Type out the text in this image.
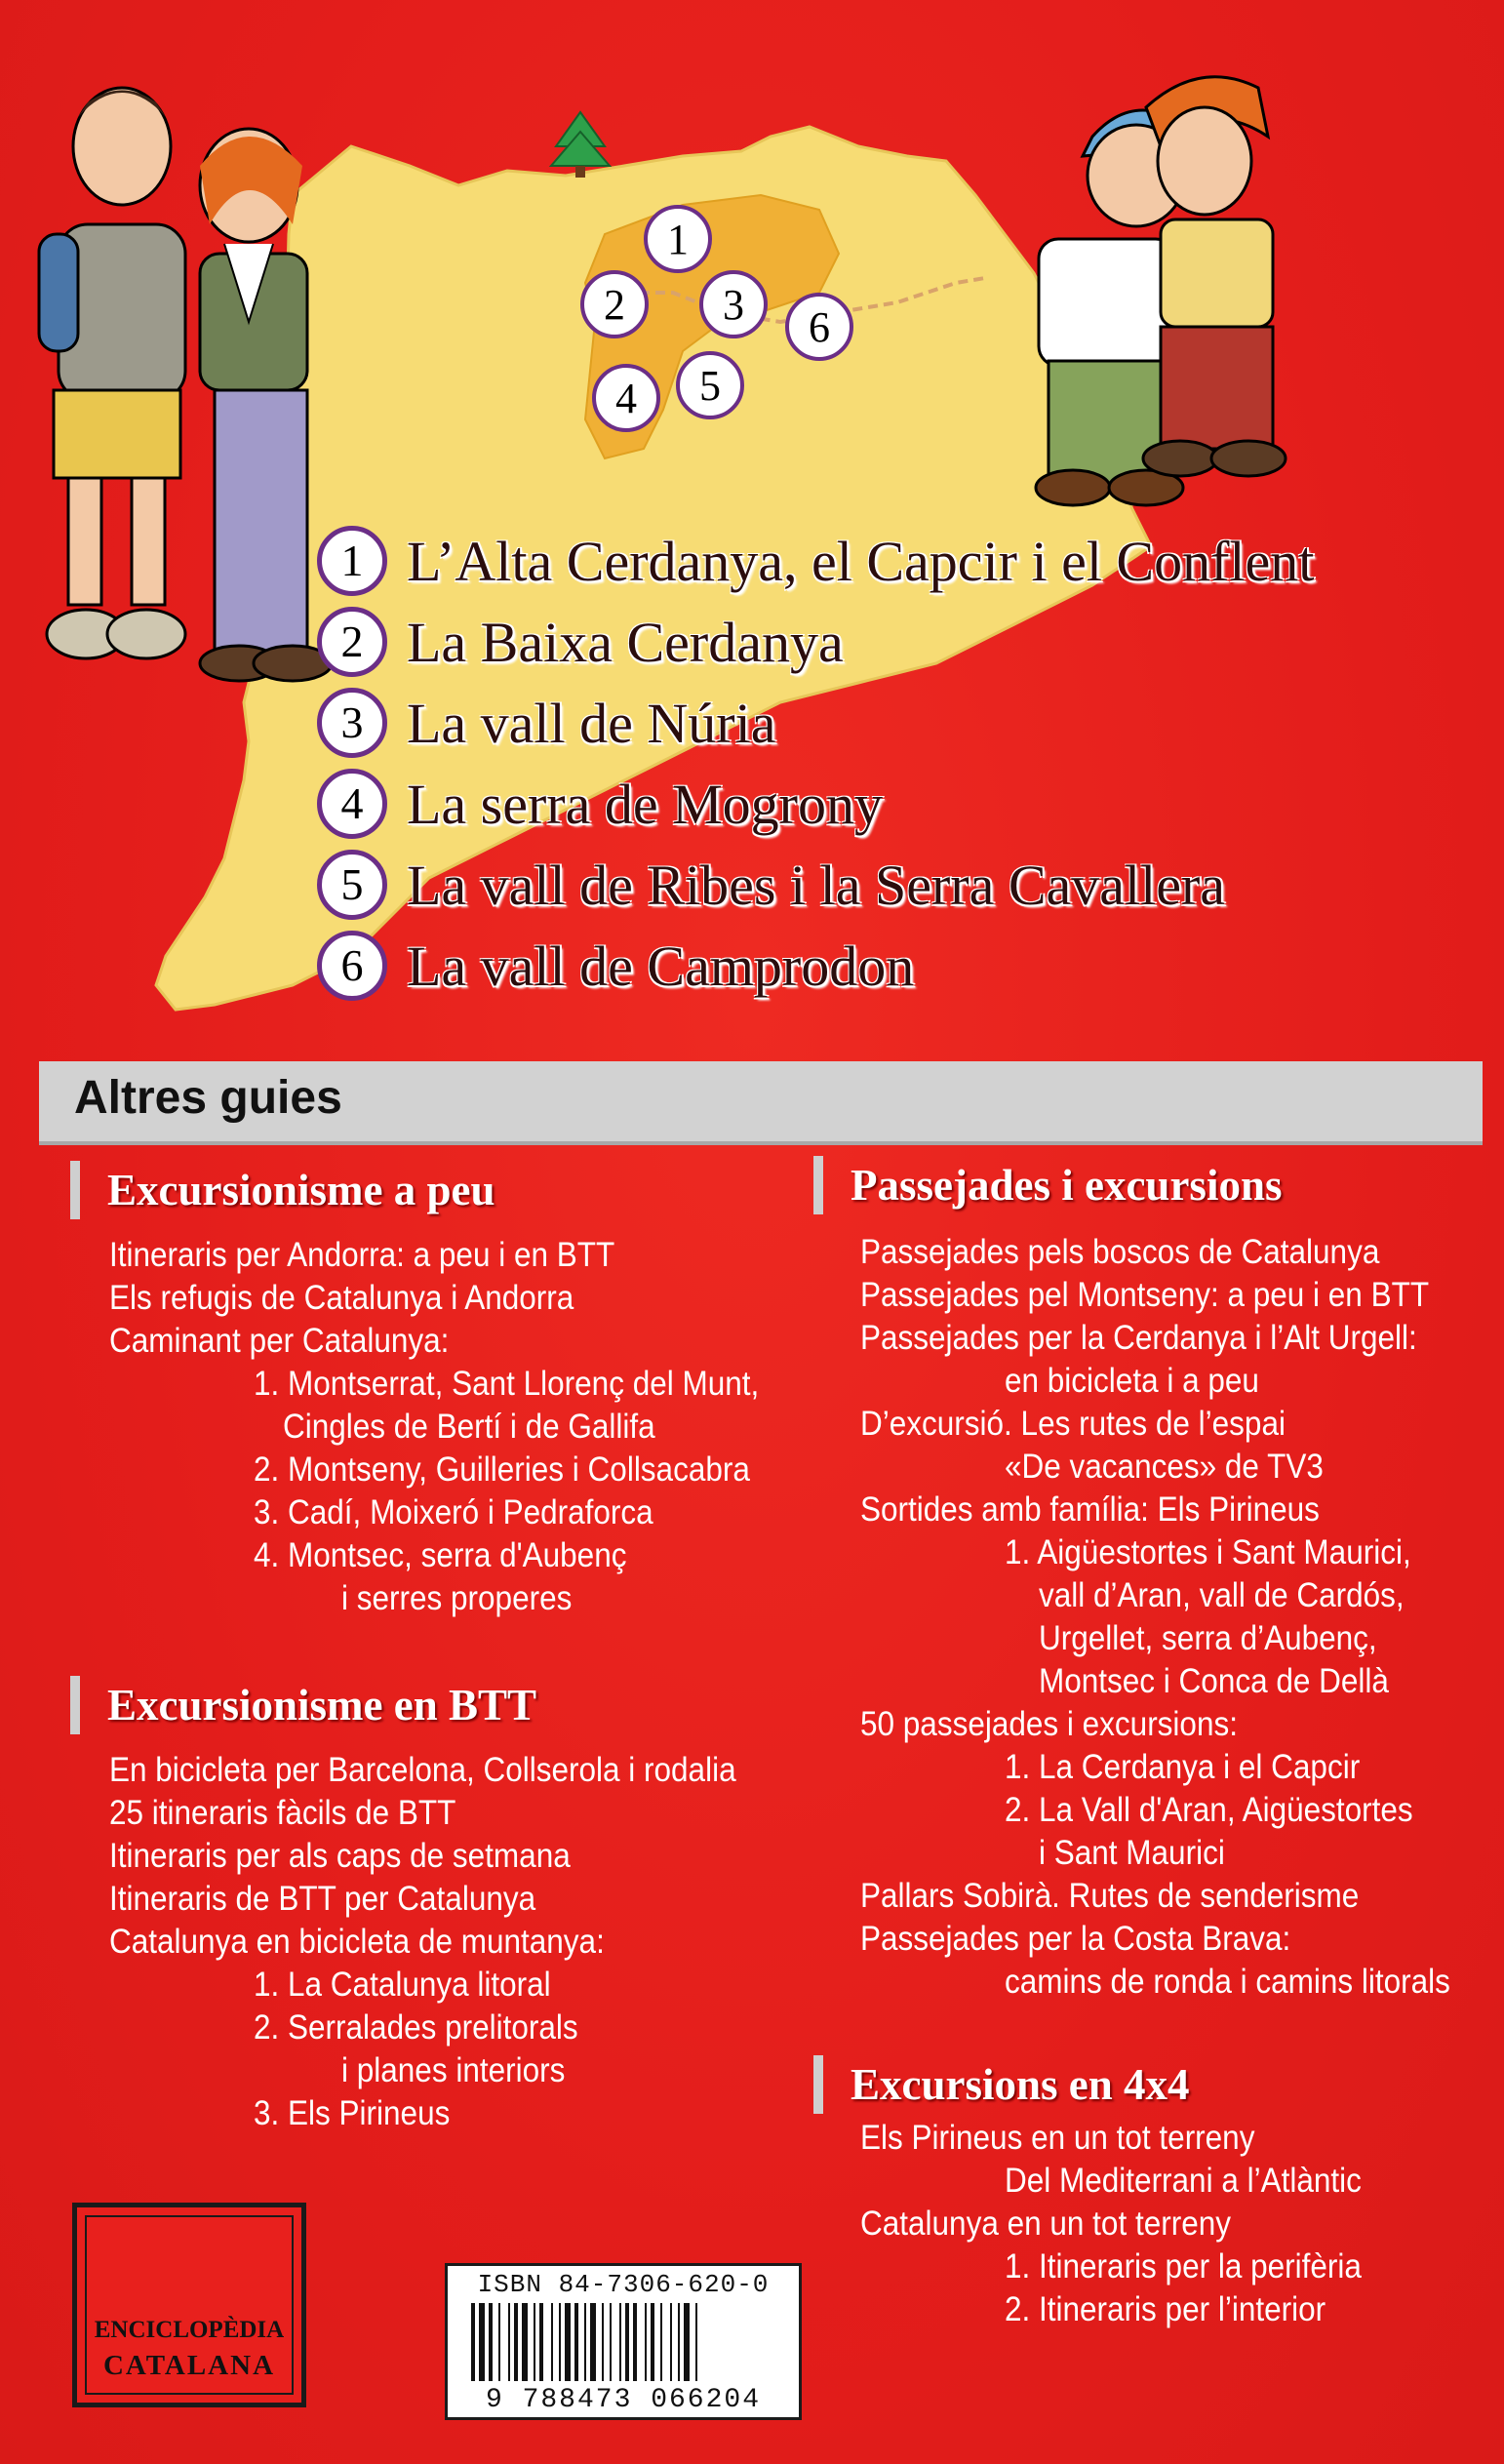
1
2 3 6
4 5
1 L’Alta Cerdanya, el Capcir i el Conflent
2 La Baixa Cerdanya
3 La vall de Núria
4 La serra de Mogrony
5 La vall de Ribes i la Serra Cavallera
6 La vall de Camprodon
Altres guies
Excursionisme a peu
Itineraris per Andorra: a peu i en BTT
Els refugis de Catalunya i Andorra
Caminant per Catalunya:
1. Montserrat, Sant Llorenç del Munt,
Cingles de Bertí i de Gallifa
2. Montseny, Guilleries i Collsacabra
3. Cadí, Moixeró i Pedraforca
4. Montsec, serra d'Aubenç
i serres properes
Excursionisme en BTT
En bicicleta per Barcelona, Collserola i rodalia
25 itineraris fàcils de BTT
Itineraris per als caps de setmana
Itineraris de BTT per Catalunya
Catalunya en bicicleta de muntanya:
1. La Catalunya litoral
2. Serralades prelitorals
i planes interiors
3. Els Pirineus
Passejades i excursions
Passejades pels boscos de Catalunya
Passejades pel Montseny: a peu i en BTT
Passejades per la Cerdanya i l’Alt Urgell:
en bicicleta i a peu
D’excursió. Les rutes de l’espai
«De vacances» de TV3
Sortides amb família: Els Pirineus
1. Aigüestortes i Sant Maurici,
vall d’Aran, vall de Cardós,
Urgellet, serra d’Aubenç,
Montsec i Conca de Dellà
50 passejades i excursions:
1. La Cerdanya i el Capcir
2. La Vall d'Aran, Aigüestortes
i Sant Maurici
Pallars Sobirà. Rutes de senderisme
Passejades per la Costa Brava:
camins de ronda i camins litorals
Excursions en 4x4
Els Pirineus en un tot terreny
Del Mediterrani a l’Atlàntic
Catalunya en un tot terreny
1. Itineraris per la perifèria
2. Itineraris per l’interior
ENCICLOPÈDIA
CATALANA
ISBN 84-7306-620-0
9 788473 066204
